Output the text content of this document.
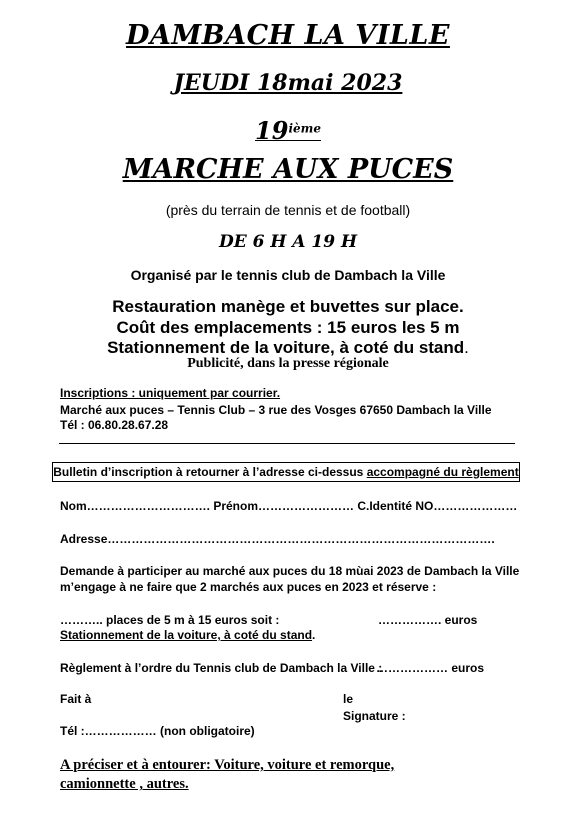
DAMBACH LA VILLE
JEUDI 18mai 2023
19ième
MARCHE AUX PUCES
(près du terrain de tennis et de football)
DE 6 H A 19 H
Organisé par le tennis club de Dambach la Ville
Restauration manège et buvettes sur place.
Coût des emplacements : 15 euros les 5 m
Stationnement de la voiture, à coté du stand.
Publicité, dans la presse régionale
Inscriptions : uniquement par courrier.
Marché aux puces – Tennis Club – 3 rue des Vosges 67650 Dambach la Ville
Tél : 06.80.28.67.28
Bulletin d’inscription à retourner à l’adresse ci-dessus accompagné du règlement
Nom…………………………. Prénom…………………… C.Identité NO…………………
Adresse…………………………………………………………………………………….
Demande à participer au marché aux puces du 18 mùai 2023 de Dambach la Ville
m’engage à ne faire que 2 marchés aux puces en 2023 et réserve :
……….. places de 5 m à 15 euros soit :	……………. euros
Stationnement de la voiture, à coté du stand.
Règlement à l’ordre du Tennis club de Dambach la Ville :
……………… euros
Fait à	le
Signature :
Tél :……………… (non obligatoire)
A préciser et à entourer: Voiture, voiture et remorque,
camionnette , autres.
